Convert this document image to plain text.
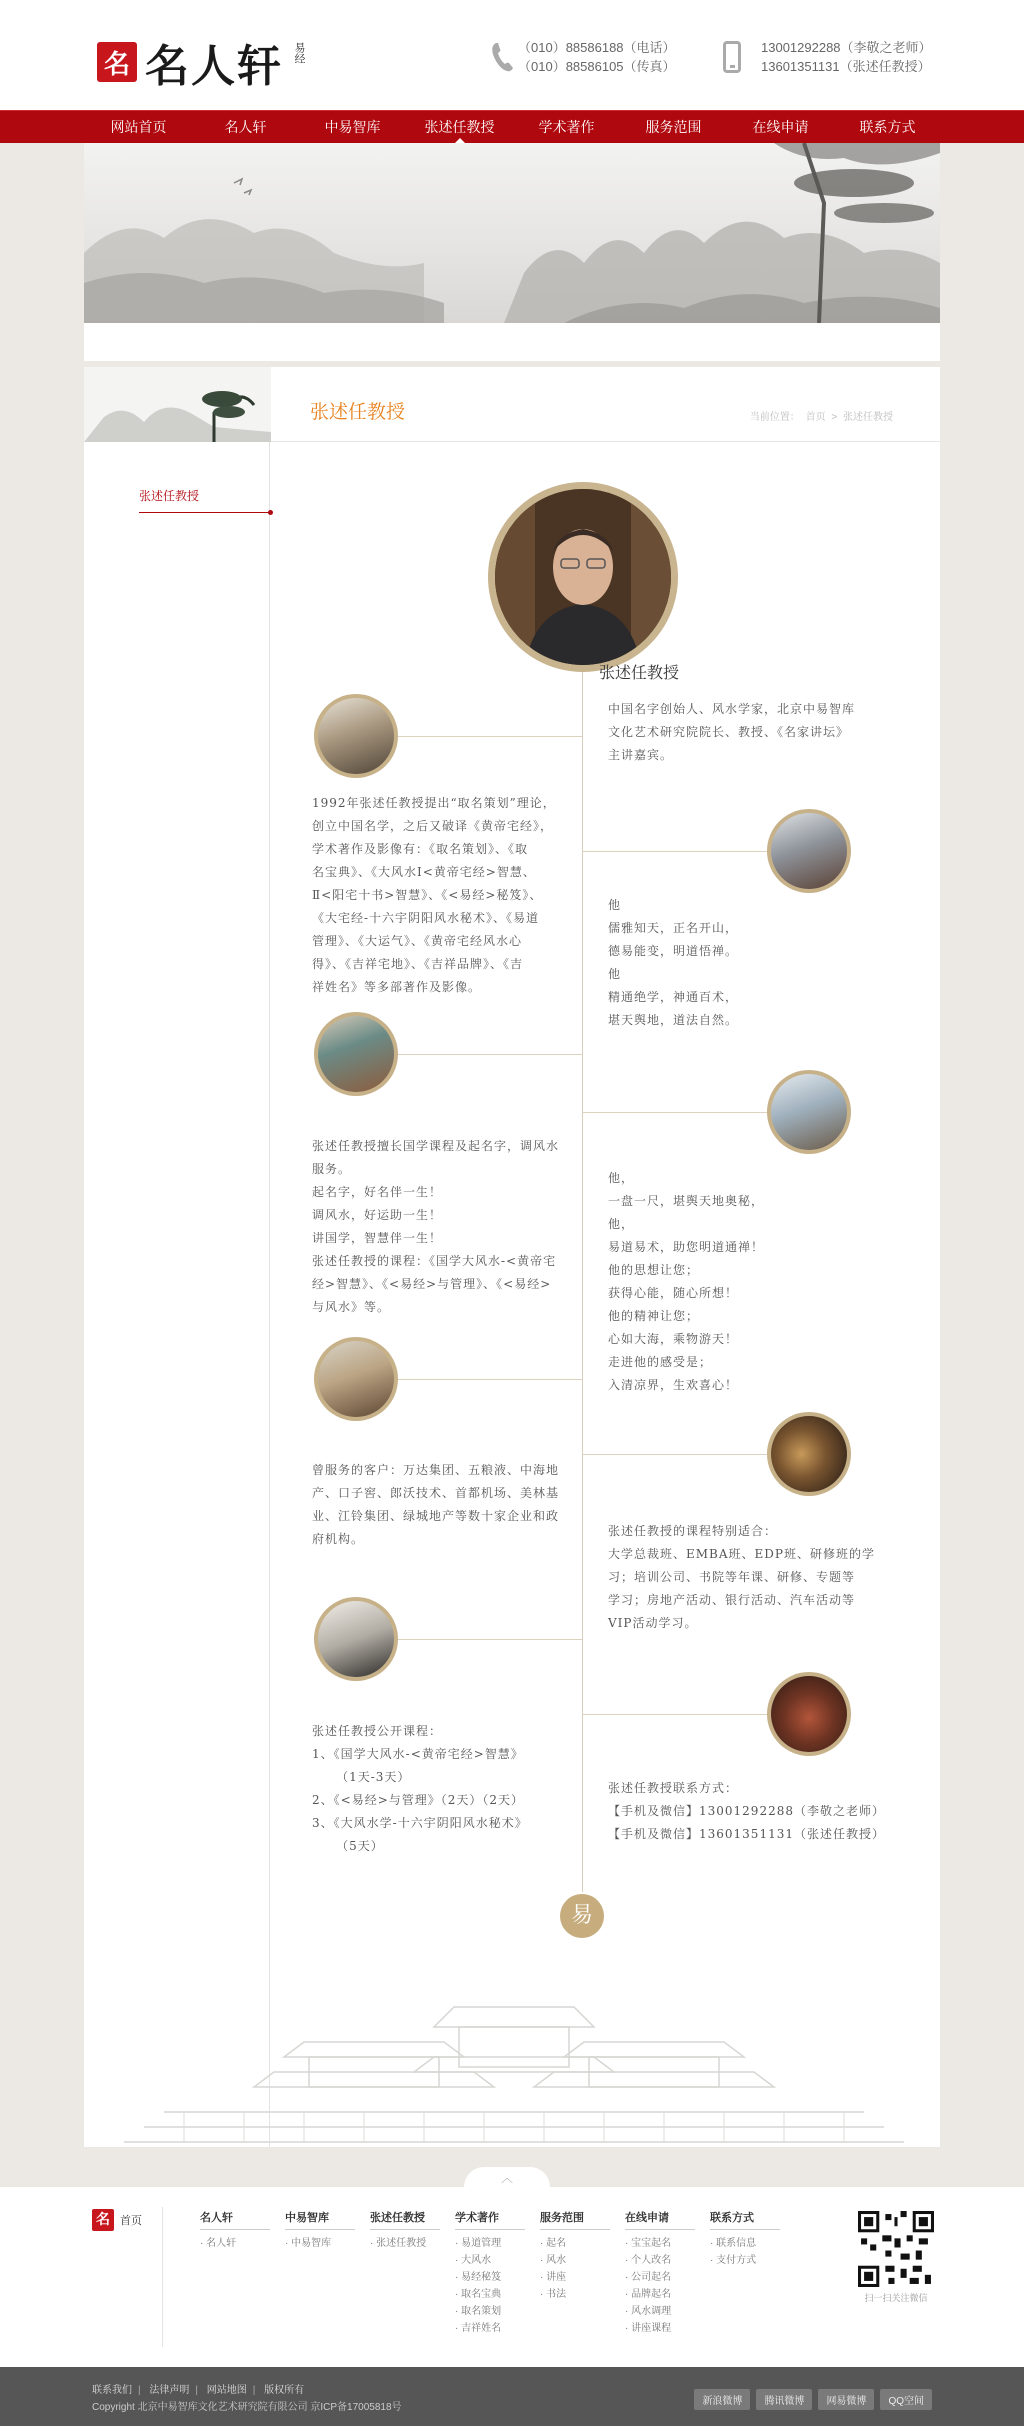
名 名人轩 易经	（010）88586188（电话）
（010）88586105（传真）
13001292288（李敬之老师）
13601351131（张述任教授）
网站首页	名人轩	中易智库	张述任教授	学术著作	服务范围	在线申请	联系方式
张述任教授	当前位置： 首页 > 张述任教授
张述任教授
张述任教授

中国名字创始人、风水学家，北京中易智库
文化艺术研究院院长、教授、《名家讲坛》
主讲嘉宾。

1992年张述任教授提出“取名策划”理论，
创立中国名学，之后又破译《黄帝宅经》，
学术著作及影像有：《取名策划》、《取
名宝典》、《大风水Ⅰ<黄帝宅经>智慧、
Ⅱ<阳宅十书>智慧》、《<易经>秘笈》、
《大宅经-十六宇阴阳风水秘术》、《易道
管理》、《大运气》、《黄帝宅经风水心
得》、《吉祥宅地》、《吉祥品牌》、《吉
祥姓名》等多部著作及影像。

他
儒雅知天，正名开山，
德易能变，明道悟禅。
他
精通绝学，神通百术，
堪天舆地，道法自然。

张述任教授擅长国学课程及起名字，调风水
服务。
起名字，好名伴一生！
调风水，好运助一生！
讲国学，智慧伴一生！
张述任教授的课程：《国学大风水-<黄帝宅
经>智慧》、《<易经>与管理》、《<易经>
与风水》等。

他，
一盘一尺，堪舆天地奥秘，
他，
易道易术，助您明道通禅！
他的思想让您；
获得心能，随心所想！
他的精神让您；
心如大海，乘物游天！
走进他的感受是；
入清凉界，生欢喜心！

曾服务的客户：万达集团、五粮液、中海地
产、口子窖、郎沃技术、首都机场、美林基
业、江铃集团、绿城地产等数十家企业和政
府机构。

张述任教授的课程特别适合：
大学总裁班、EMBA班、EDP班、研修班的学
习；培训公司、书院等年课、研修、专题等
学习；房地产活动、银行活动、汽车活动等
VIP活动学习。

张述任教授公开课程：
1、《国学大风水-<黄帝宅经>智慧》
（1天-3天）
2、《<易经>与管理》（2天）（2天）
3、《大风水学-十六宇阴阳风水秘术》
（5天）

张述任教授联系方式：
【手机及微信】13001292288（李敬之老师）
【手机及微信】13601351131（张述任教授）

易
︿
名 首页	名人轩
· 名人轩
中易智库
· 中易智库
张述任教授
· 张述任教授
学术著作
· 易道管理
· 大风水
· 易经秘笈
· 取名宝典
· 取名策划
· 吉祥姓名
服务范围
· 起名
· 风水
· 讲座
· 书法
在线申请
· 宝宝起名
· 个人改名
· 公司起名
· 品牌起名
· 风水调理
· 讲座课程
联系方式
· 联系信息
· 支付方式
扫一扫关注微信
联系我们 | 法律声明 | 网站地图 | 版权所有
Copyright 北京中易智库文化艺术研究院有限公司 京ICP备17005818号
新浪微博	腾讯微博	网易微博	QQ空间
